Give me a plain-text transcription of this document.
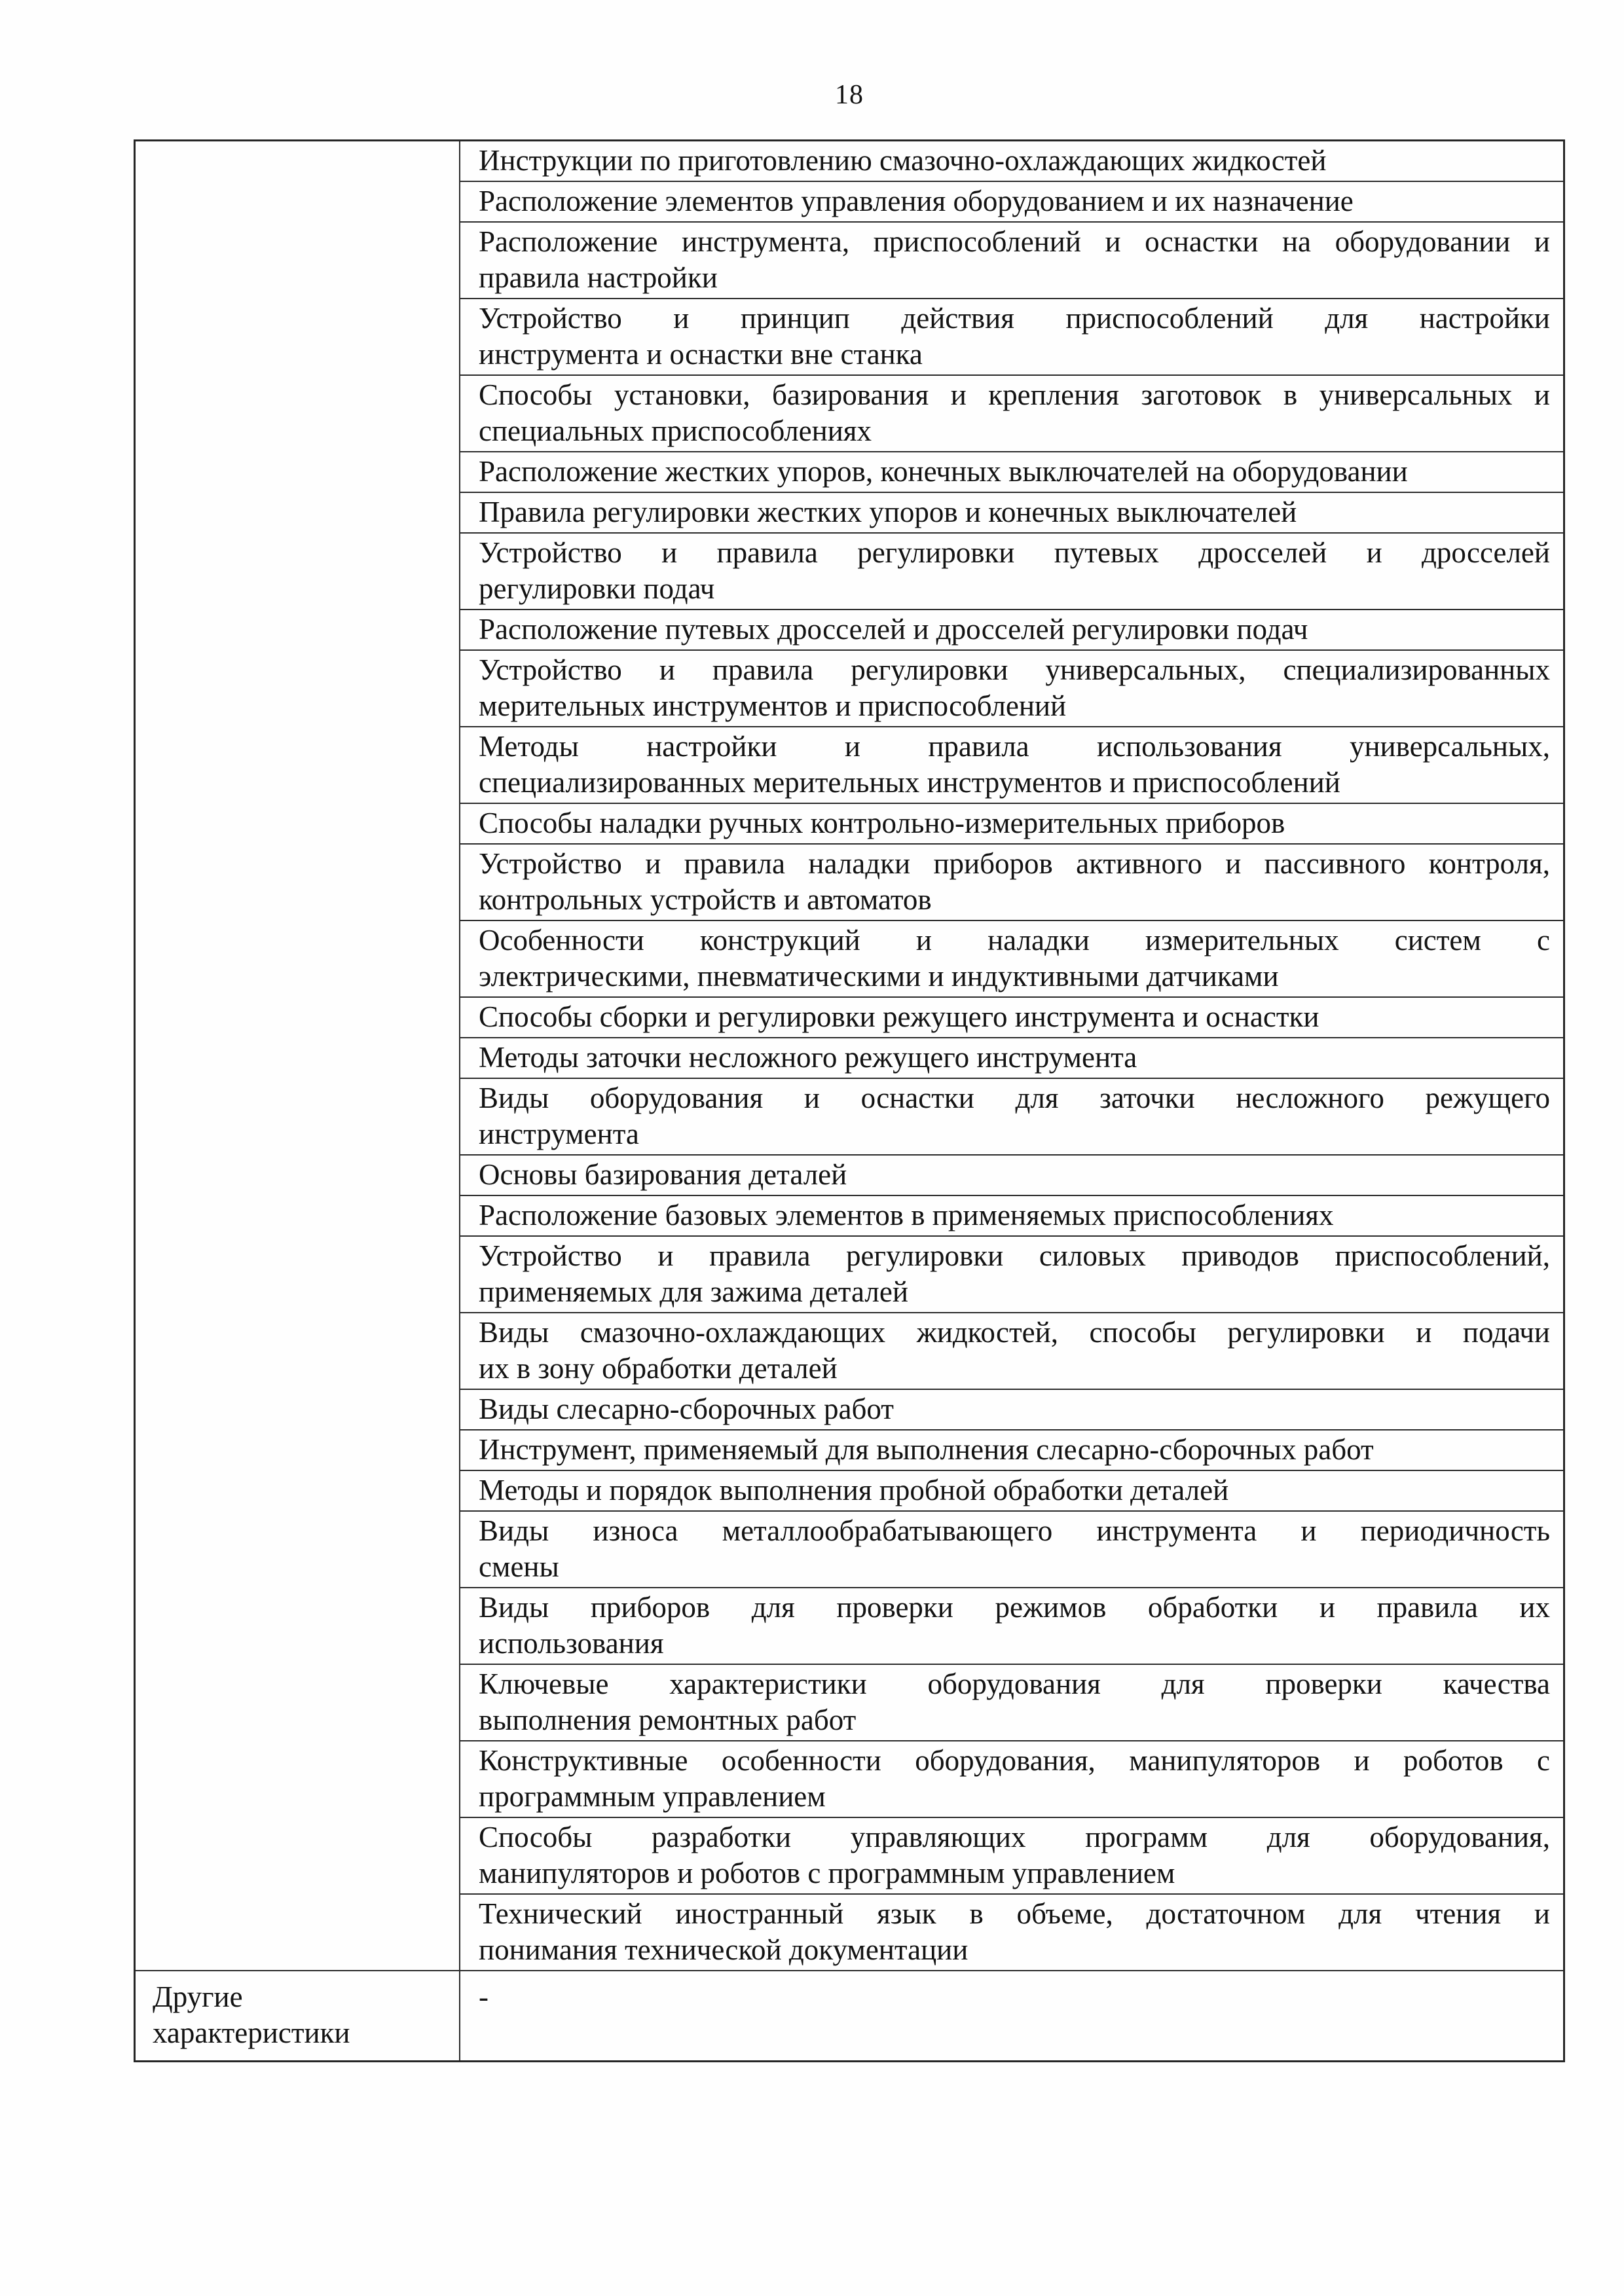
18
Инструкции по приготовлению смазочно-охлаждающих жидкостей
Расположение элементов управления оборудованием и их назначение
Расположение инструмента, приспособлений и оснастки на оборудовании и
правила настройки
Устройство и принцип действия приспособлений для настройки
инструмента и оснастки вне станка
Способы установки, базирования и крепления заготовок в универсальных и
специальных приспособлениях
Расположение жестких упоров, конечных выключателей на оборудовании
Правила регулировки жестких упоров и конечных выключателей
Устройство и правила регулировки путевых дросселей и дросселей
регулировки подач
Расположение путевых дросселей и дросселей регулировки подач
Устройство и правила регулировки универсальных, специализированных
мерительных инструментов и приспособлений
Методы настройки и правила использования универсальных,
специализированных мерительных инструментов и приспособлений
Способы наладки ручных контрольно-измерительных приборов
Устройство и правила наладки приборов активного и пассивного контроля,
контрольных устройств и автоматов
Особенности конструкций и наладки измерительных систем с
электрическими, пневматическими и индуктивными датчиками
Способы сборки и регулировки режущего инструмента и оснастки
Методы заточки несложного режущего инструмента
Виды оборудования и оснастки для заточки несложного режущего
инструмента
Основы базирования деталей
Расположение базовых элементов в применяемых приспособлениях
Устройство и правила регулировки силовых приводов приспособлений,
применяемых для зажима деталей
Виды смазочно-охлаждающих жидкостей, способы регулировки и подачи
их в зону обработки деталей
Виды слесарно-сборочных работ
Инструмент, применяемый для выполнения слесарно-сборочных работ
Методы и порядок выполнения пробной обработки деталей
Виды износа металлообрабатывающего инструмента и периодичность
смены
Виды приборов для проверки режимов обработки и правила их
использования
Ключевые характеристики оборудования для проверки качества
выполнения ремонтных работ
Конструктивные особенности оборудования, манипуляторов и роботов с
программным управлением
Способы разработки управляющих программ для оборудования,
манипуляторов и роботов с программным управлением
Технический иностранный язык в объеме, достаточном для чтения и
понимания технической документации
Другие характеристики
-
